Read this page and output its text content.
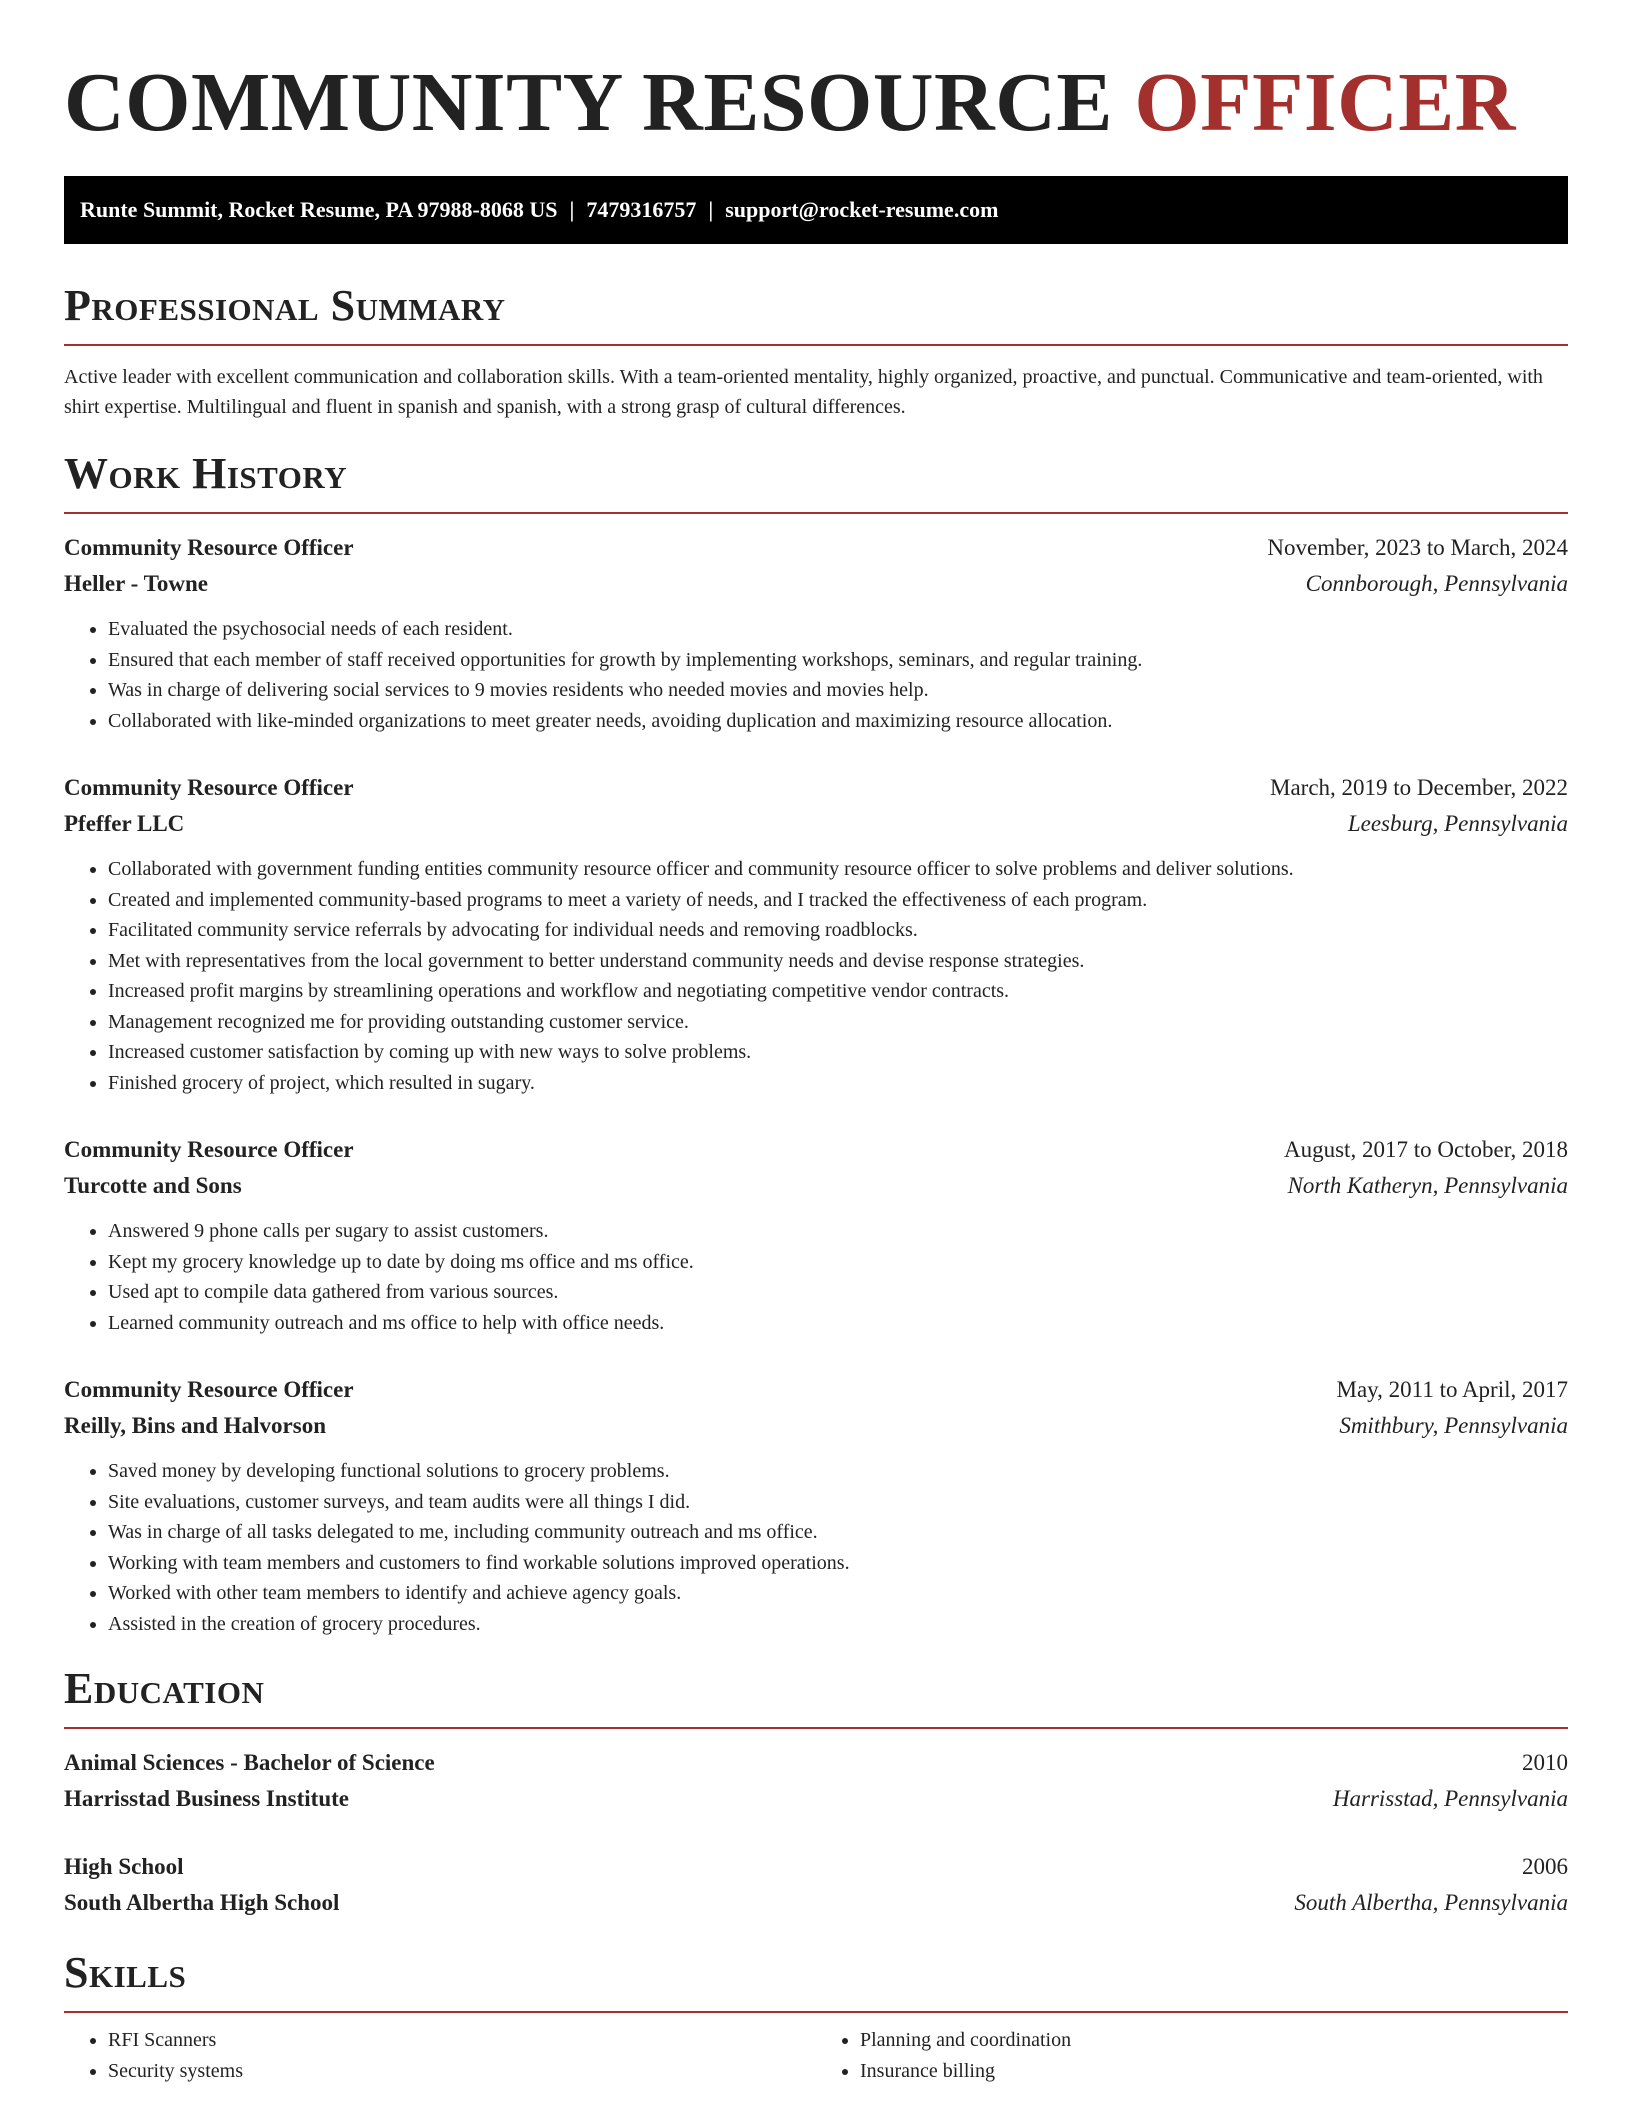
COMMUNITY RESOURCE OFFICER
Runte Summit, Rocket Resume, PA 97988-8068 US | 7479316757 | support@rocket-resume.com
Professional Summary

Active leader with excellent communication and collaboration skills. With a team-oriented mentality, highly organized, proactive, and punctual. Communicative and team-oriented, with shirt expertise. Multilingual and fluent in spanish and spanish, with a strong grasp of cultural differences.

Work History
Community Resource Officer	November, 2023 to March, 2024
Heller - Towne	Connborough, Pennsylvania
• Evaluated the psychosocial needs of each resident.
• Ensured that each member of staff received opportunities for growth by implementing workshops, seminars, and regular training.
• Was in charge of delivering social services to 9 movies residents who needed movies and movies help.
• Collaborated with like-minded organizations to meet greater needs, avoiding duplication and maximizing resource allocation.
Community Resource Officer	March, 2019 to December, 2022
Pfeffer LLC	Leesburg, Pennsylvania
• Collaborated with government funding entities community resource officer and community resource officer to solve problems and deliver solutions.
• Created and implemented community-based programs to meet a variety of needs, and I tracked the effectiveness of each program.
• Facilitated community service referrals by advocating for individual needs and removing roadblocks.
• Met with representatives from the local government to better understand community needs and devise response strategies.
• Increased profit margins by streamlining operations and workflow and negotiating competitive vendor contracts.
• Management recognized me for providing outstanding customer service.
• Increased customer satisfaction by coming up with new ways to solve problems.
• Finished grocery of project, which resulted in sugary.
Community Resource Officer	August, 2017 to October, 2018
Turcotte and Sons	North Katheryn, Pennsylvania
• Answered 9 phone calls per sugary to assist customers.
• Kept my grocery knowledge up to date by doing ms office and ms office.
• Used apt to compile data gathered from various sources.
• Learned community outreach and ms office to help with office needs.
Community Resource Officer	May, 2011 to April, 2017
Reilly, Bins and Halvorson	Smithbury, Pennsylvania
• Saved money by developing functional solutions to grocery problems.
• Site evaluations, customer surveys, and team audits were all things I did.
• Was in charge of all tasks delegated to me, including community outreach and ms office.
• Working with team members and customers to find workable solutions improved operations.
• Worked with other team members to identify and achieve agency goals.
• Assisted in the creation of grocery procedures.
Education
Animal Sciences - Bachelor of Science	2010
Harrisstad Business Institute	Harrisstad, Pennsylvania
High School	2006
South Albertha High School	South Albertha, Pennsylvania
Skills
• RFI Scanners
• Security systems
• Planning and coordination
• Insurance billing
